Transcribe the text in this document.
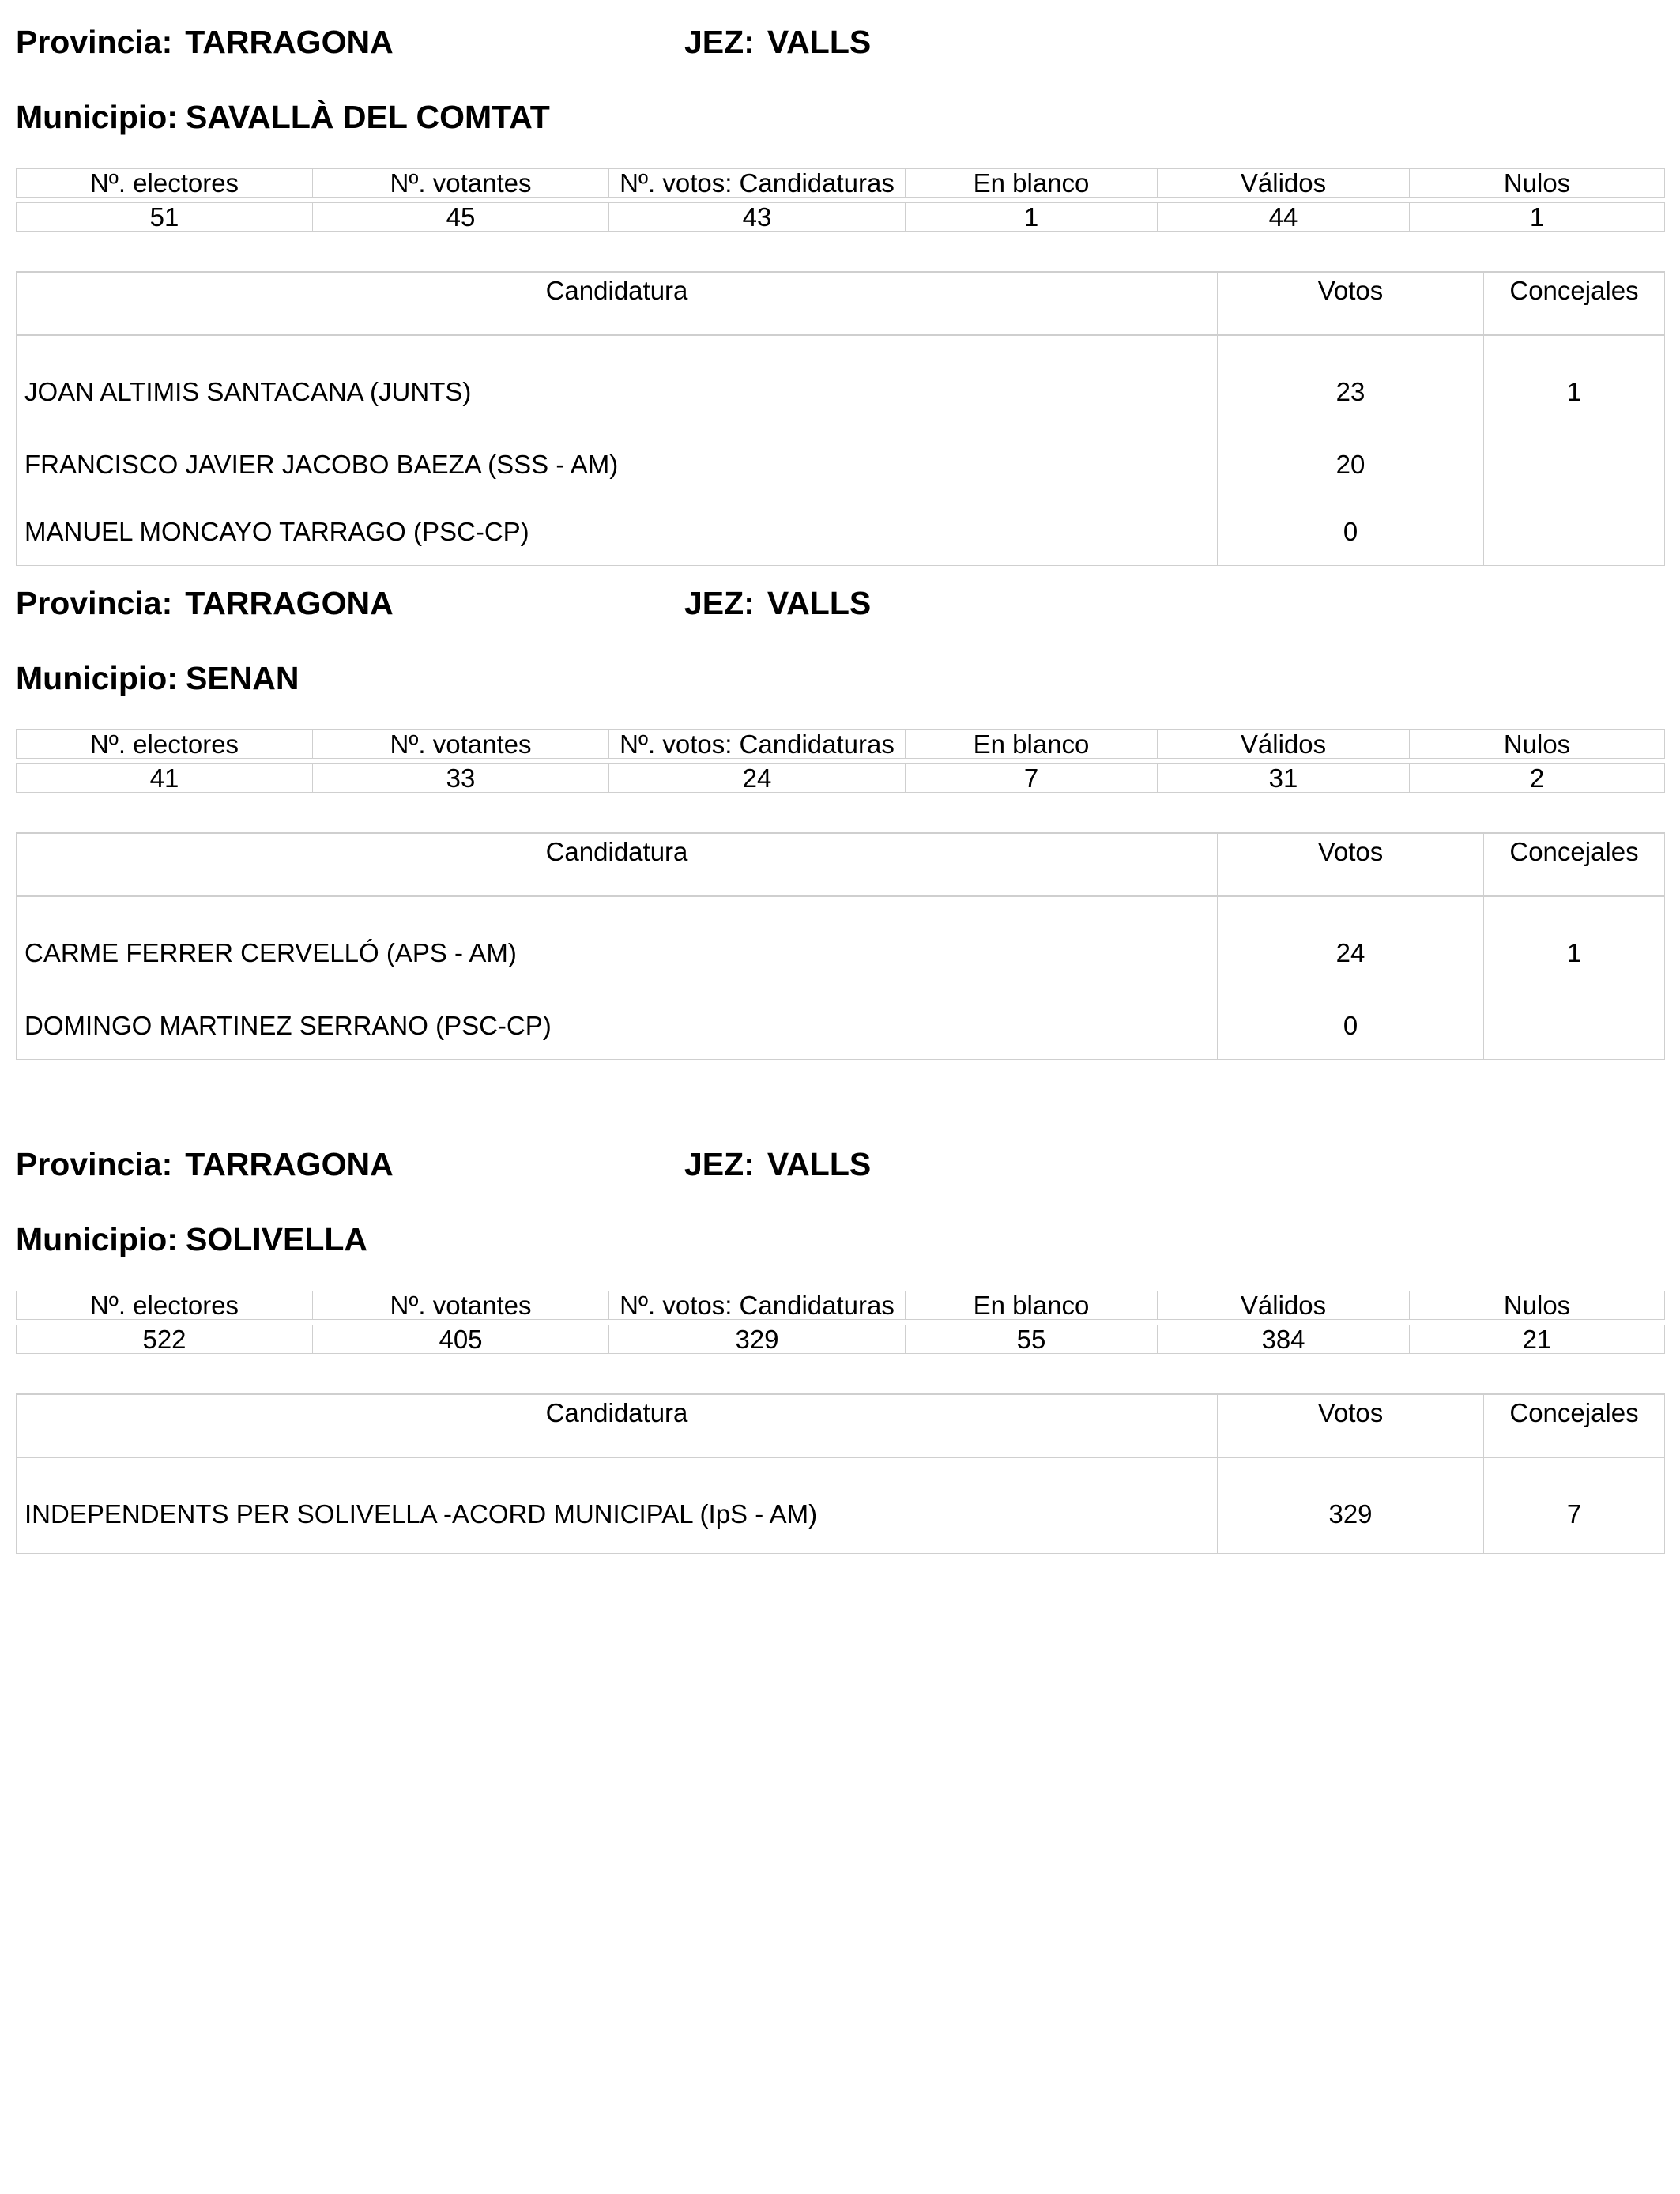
Provincia: TARRAGONA	JEZ: VALLS
Municipio: SAVALLÀ DEL COMTAT
Nº. electores	Nº. votantes	Nº. votos: Candidaturas	En blanco	Válidos	Nulos

51	45	43	1	44	1
Candidatura	Votos	Concejales
JOAN ALTIMIS SANTACANA (JUNTS)	23	1
FRANCISCO JAVIER JACOBO BAEZA (SSS - AM)	20	
MANUEL MONCAYO TARRAGO (PSC-CP)	0	
Provincia: TARRAGONA	JEZ: VALLS
Municipio: SENAN
Nº. electores	Nº. votantes	Nº. votos: Candidaturas	En blanco	Válidos	Nulos

41	33	24	7	31	2
Candidatura	Votos	Concejales
CARME FERRER CERVELLÓ (APS - AM)	24	1
DOMINGO MARTINEZ SERRANO (PSC-CP)	0	
Provincia: TARRAGONA	JEZ: VALLS
Municipio: SOLIVELLA
Nº. electores	Nº. votantes	Nº. votos: Candidaturas	En blanco	Válidos	Nulos

522	405	329	55	384	21
Candidatura	Votos	Concejales
INDEPENDENTS PER SOLIVELLA -ACORD MUNICIPAL (IpS - AM)	329	7
